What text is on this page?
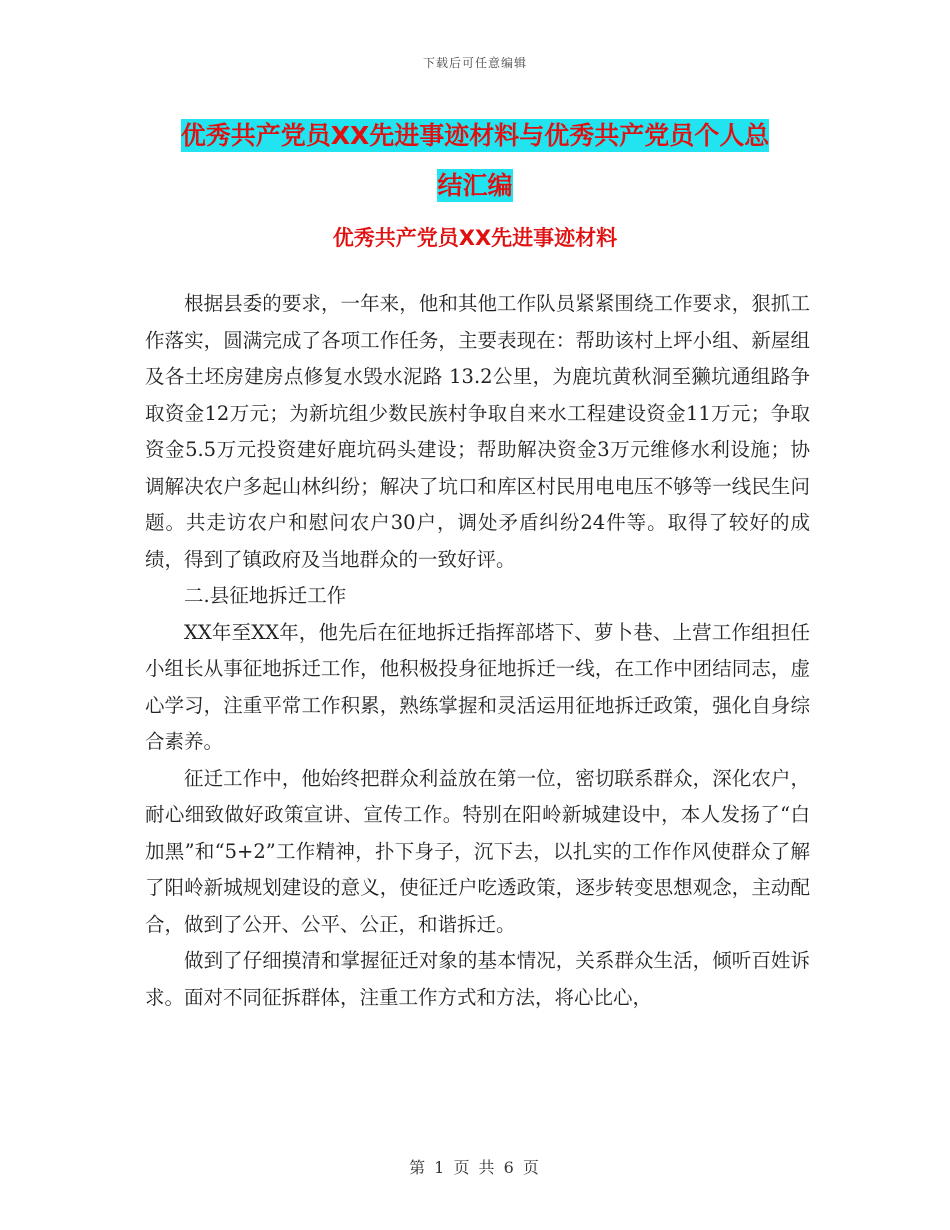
下载后可任意编辑
优秀共产党员XX先进事迹材料与优秀共产党员个人总
结汇编
优秀共产党员XX先进事迹材料

根据县委的要求，一年来，他和其他工作队员紧紧围绕工作要求，狠抓工作落实，圆满完成了各项工作任务，主要表现在：帮助该村上坪小组、新屋组及各土坯房建房点修复水毁水泥路 13.2公里，为鹿坑黄秋洞至獭坑通组路争取资金12万元；为新坑组少数民族村争取自来水工程建设资金11万元；争取资金5.5万元投资建好鹿坑码头建设；帮助解决资金3万元维修水利设施；协调解决农户多起山林纠纷；解决了坑口和库区村民用电电压不够等一线民生问题。共走访农户和慰问农户30户，调处矛盾纠纷24件等。取得了较好的成绩，得到了镇政府及当地群众的一致好评。

二.县征地拆迁工作

XX年至XX年，他先后在征地拆迁指挥部塔下、萝卜巷、上营工作组担任小组长从事征地拆迁工作，他积极投身征地拆迁一线，在工作中团结同志，虚心学习，注重平常工作积累，熟练掌握和灵活运用征地拆迁政策，强化自身综合素养。

征迁工作中，他始终把群众利益放在第一位，密切联系群众，深化农户，耐心细致做好政策宣讲、宣传工作。特别在阳岭新城建设中，本人发扬了“白加黑”和“5+2”工作精神，扑下身子，沉下去，以扎实的工作作风使群众了解了阳岭新城规划建设的意义，使征迁户吃透政策，逐步转变思想观念，主动配合，做到了公开、公平、公正，和谐拆迁。

做到了仔细摸清和掌握征迁对象的基本情况，关系群众生活，倾听百姓诉求。面对不同征拆群体，注重工作方式和方法，将心比心，

第 1 页 共 6 页
